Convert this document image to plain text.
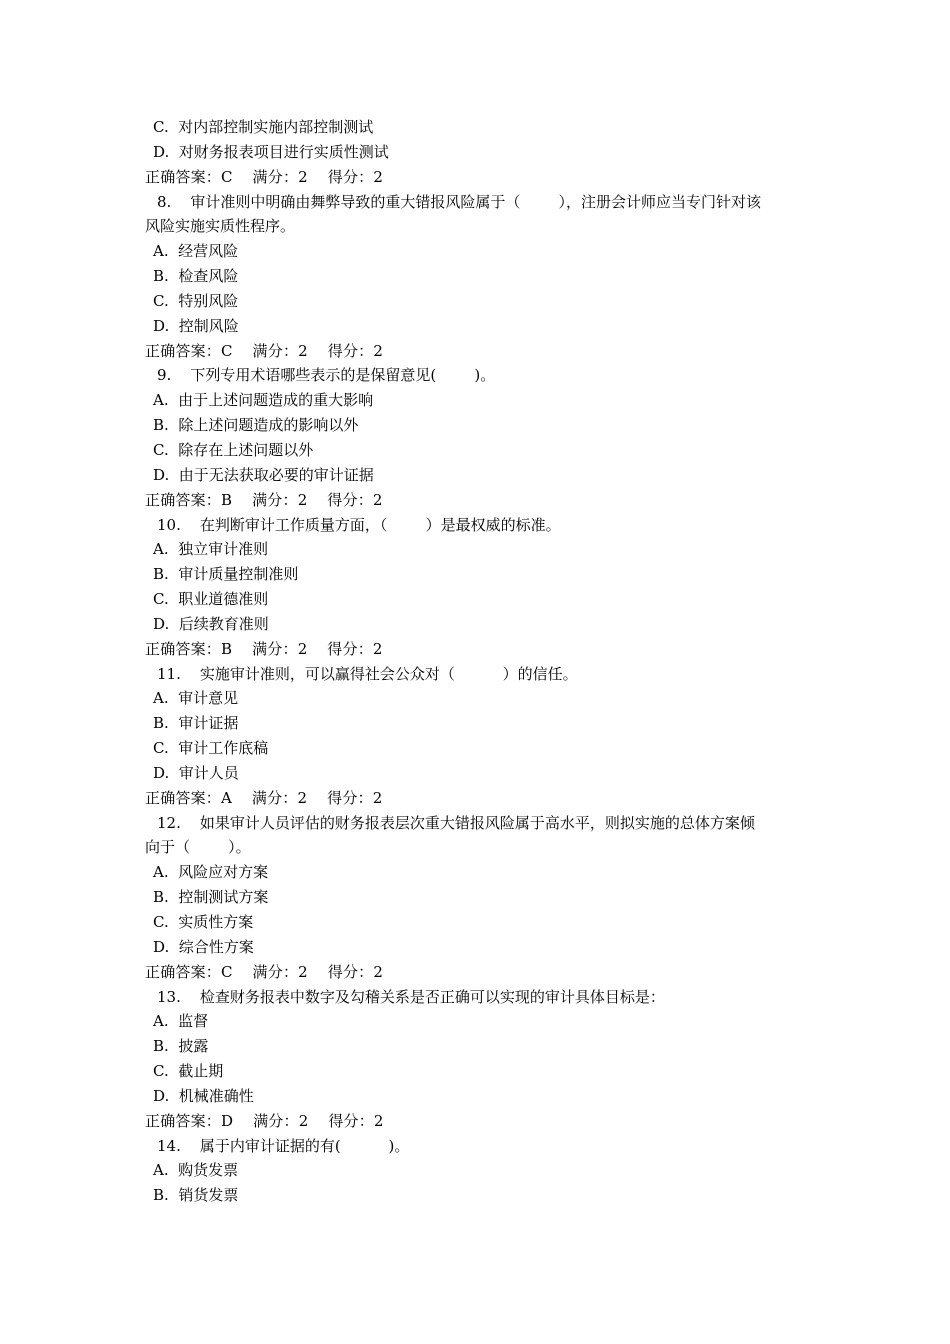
C.  对内部控制实施内部控制测试
D.  对财务报表项目进行实质性测试
正确答案：C    满分：2    得分：2
8.    审计准则中明确由舞弊导致的重大错报风险属于（        ），注册会计师应当专门针对该
风险实施实质性程序。
A.  经营风险
B.  检查风险
C.  特别风险
D.  控制风险
正确答案：C    满分：2    得分：2
9.    下列专用术语哪些表示的是保留意见(        )。
A.  由于上述问题造成的重大影响
B.  除上述问题造成的影响以外
C.  除存在上述问题以外
D.  由于无法获取必要的审计证据
正确答案：B    满分：2    得分：2
10.    在判断审计工作质量方面，（        ）是最权威的标准。
A.  独立审计准则
B.  审计质量控制准则
C.  职业道德准则
D.  后续教育准则
正确答案：B    满分：2    得分：2
11.    实施审计准则，可以赢得社会公众对（          ）的信任。
A.  审计意见
B.  审计证据
C.  审计工作底稿
D.  审计人员
正确答案：A    满分：2    得分：2
12.    如果审计人员评估的财务报表层次重大错报风险属于高水平，则拟实施的总体方案倾
向于（        ）。
A.  风险应对方案
B.  控制测试方案
C.  实质性方案
D.  综合性方案
正确答案：C    满分：2    得分：2
13.    检查财务报表中数字及勾稽关系是否正确可以实现的审计具体目标是：
A.  监督
B.  披露
C.  截止期
D.  机械准确性
正确答案：D    满分：2    得分：2
14.    属于内审计证据的有(          )。
A.  购货发票
B.  销货发票
